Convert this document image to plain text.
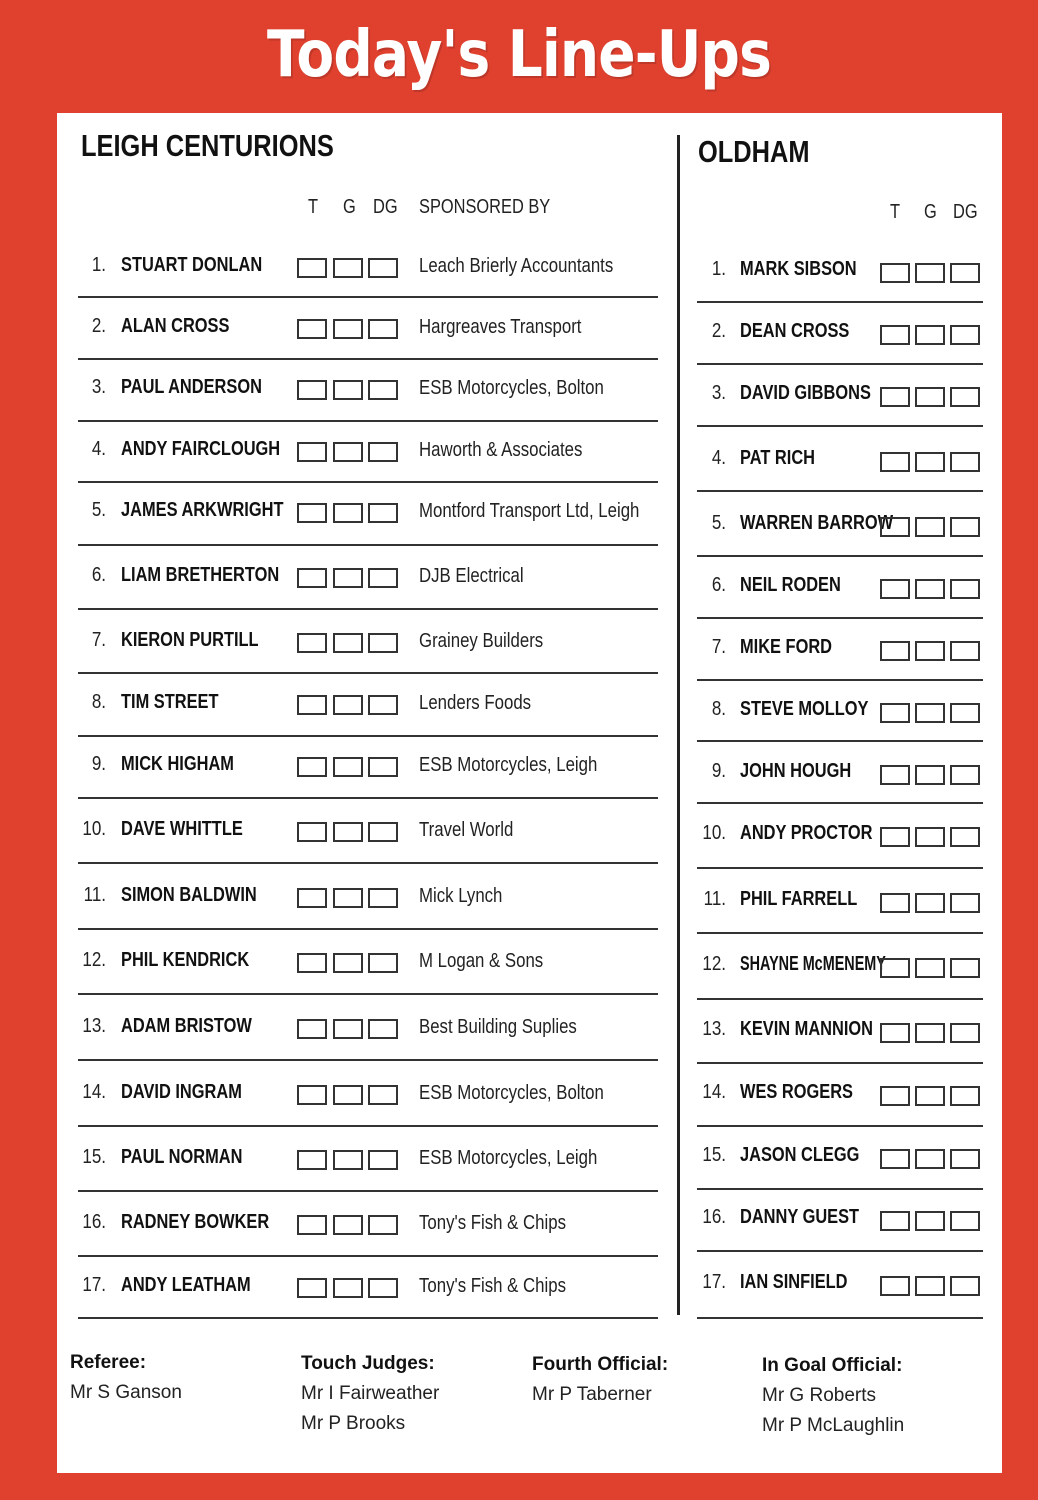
Today's Line-Ups
LEIGH CENTURIONS	OLDHAM
T G DG SPONSORED BY	T G DG
1. STUART DONLAN	Leach Brierly Accountants
2. ALAN CROSS	Hargreaves Transport
3. PAUL ANDERSON	ESB Motorcycles, Bolton
4. ANDY FAIRCLOUGH	Haworth & Associates
5. JAMES ARKWRIGHT	Montford Transport Ltd, Leigh
6. LIAM BRETHERTON	DJB Electrical
7. KIERON PURTILL	Grainey Builders
8. TIM STREET	Lenders Foods
9. MICK HIGHAM	ESB Motorcycles, Leigh
10. DAVE WHITTLE	Travel World
11. SIMON BALDWIN	Mick Lynch
12. PHIL KENDRICK	M Logan & Sons
13. ADAM BRISTOW	Best Building Suplies
14. DAVID INGRAM	ESB Motorcycles, Bolton
15. PAUL NORMAN	ESB Motorcycles, Leigh
16. RADNEY BOWKER	Tony's Fish & Chips
17. ANDY LEATHAM	Tony's Fish & Chips
1. MARK SIBSON
2. DEAN CROSS
3. DAVID GIBBONS
4. PAT RICH
5. WARREN BARROW
6. NEIL RODEN
7. MIKE FORD
8. STEVE MOLLOY
9. JOHN HOUGH
10. ANDY PROCTOR
11. PHIL FARRELL
12. SHAYNE McMENEMY
13. KEVIN MANNION
14. WES ROGERS
15. JASON CLEGG
16. DANNY GUEST
17. IAN SINFIELD
Referee:
Mr S Ganson
Touch Judges:
Mr I Fairweather
Mr P Brooks
Fourth Official:
Mr P Taberner
In Goal Official:
Mr G Roberts
Mr P McLaughlin
